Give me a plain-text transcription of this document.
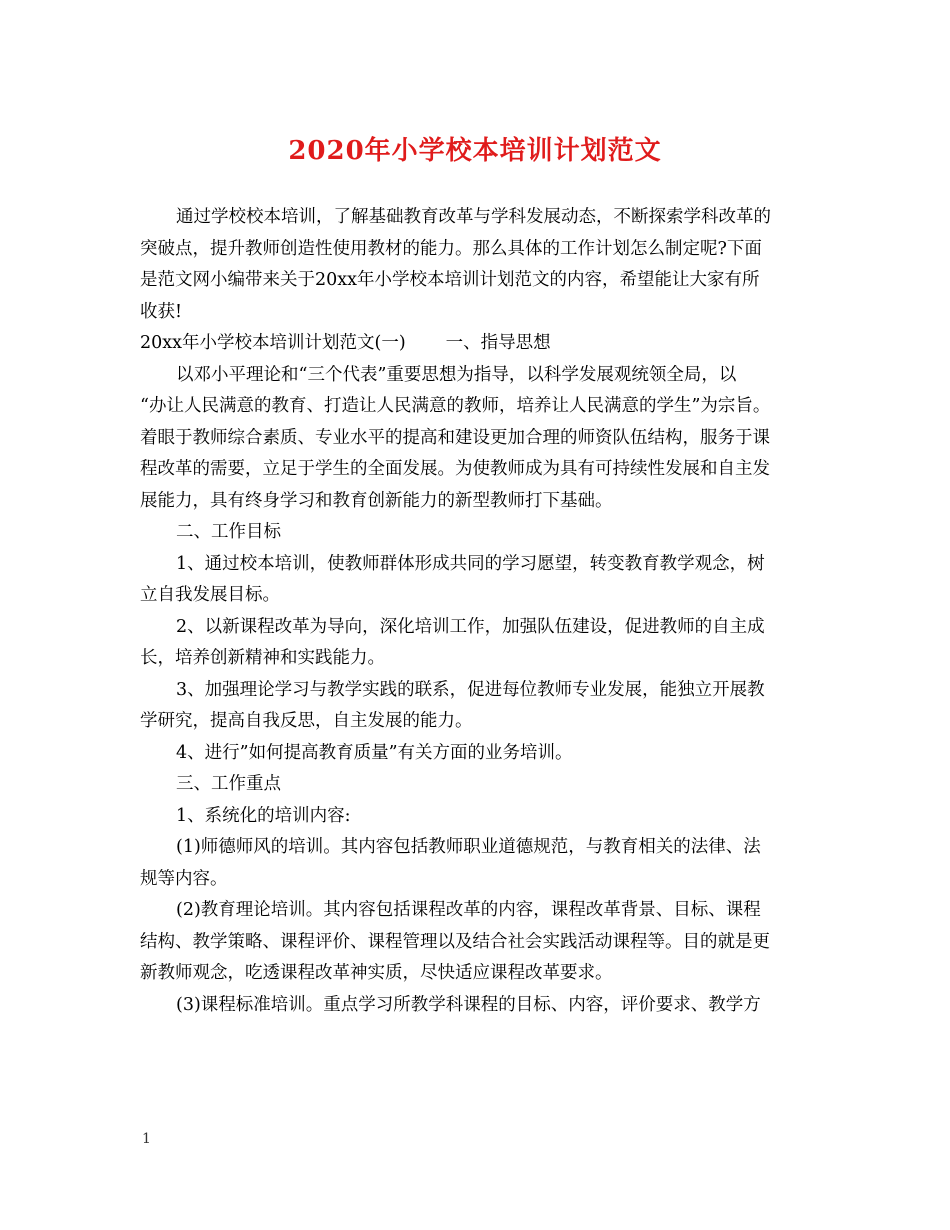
2020年小学校本培训计划范文
通过学校校本培训，了解基础教育改革与学科发展动态，不断探索学科改革的
突破点，提升教师创造性使用教材的能力。那么具体的工作计划怎么制定呢?下面
是范文网小编带来关于20xx年小学校本培训计划范文的内容，希望能让大家有所
收获!
20xx年小学校本培训计划范文(一) 一、指导思想
以邓小平理论和“三个代表”重要思想为指导，以科学发展观统领全局，以
“办让人民满意的教育、打造让人民满意的教师，培养让人民满意的学生”为宗旨。
着眼于教师综合素质、专业水平的提高和建设更加合理的师资队伍结构，服务于课
程改革的需要，立足于学生的全面发展。为使教师成为具有可持续性发展和自主发
展能力，具有终身学习和教育创新能力的新型教师打下基础。
二、工作目标
1、通过校本培训，使教师群体形成共同的学习愿望，转变教育教学观念，树
立自我发展目标。
2、以新课程改革为导向，深化培训工作，加强队伍建设，促进教师的自主成
长，培养创新精神和实践能力。
3、加强理论学习与教学实践的联系，促进每位教师专业发展，能独立开展教
学研究，提高自我反思，自主发展的能力。
4、进行”如何提高教育质量”有关方面的业务培训。
三、工作重点
1、系统化的培训内容:
(1)师德师风的培训。其内容包括教师职业道德规范，与教育相关的法律、法
规等内容。
(2)教育理论培训。其内容包括课程改革的内容，课程改革背景、目标、课程
结构、教学策略、课程评价、课程管理以及结合社会实践活动课程等。目的就是更
新教师观念，吃透课程改革神实质，尽快适应课程改革要求。
(3)课程标准培训。重点学习所教学科课程的目标、内容，评价要求、教学方
1
